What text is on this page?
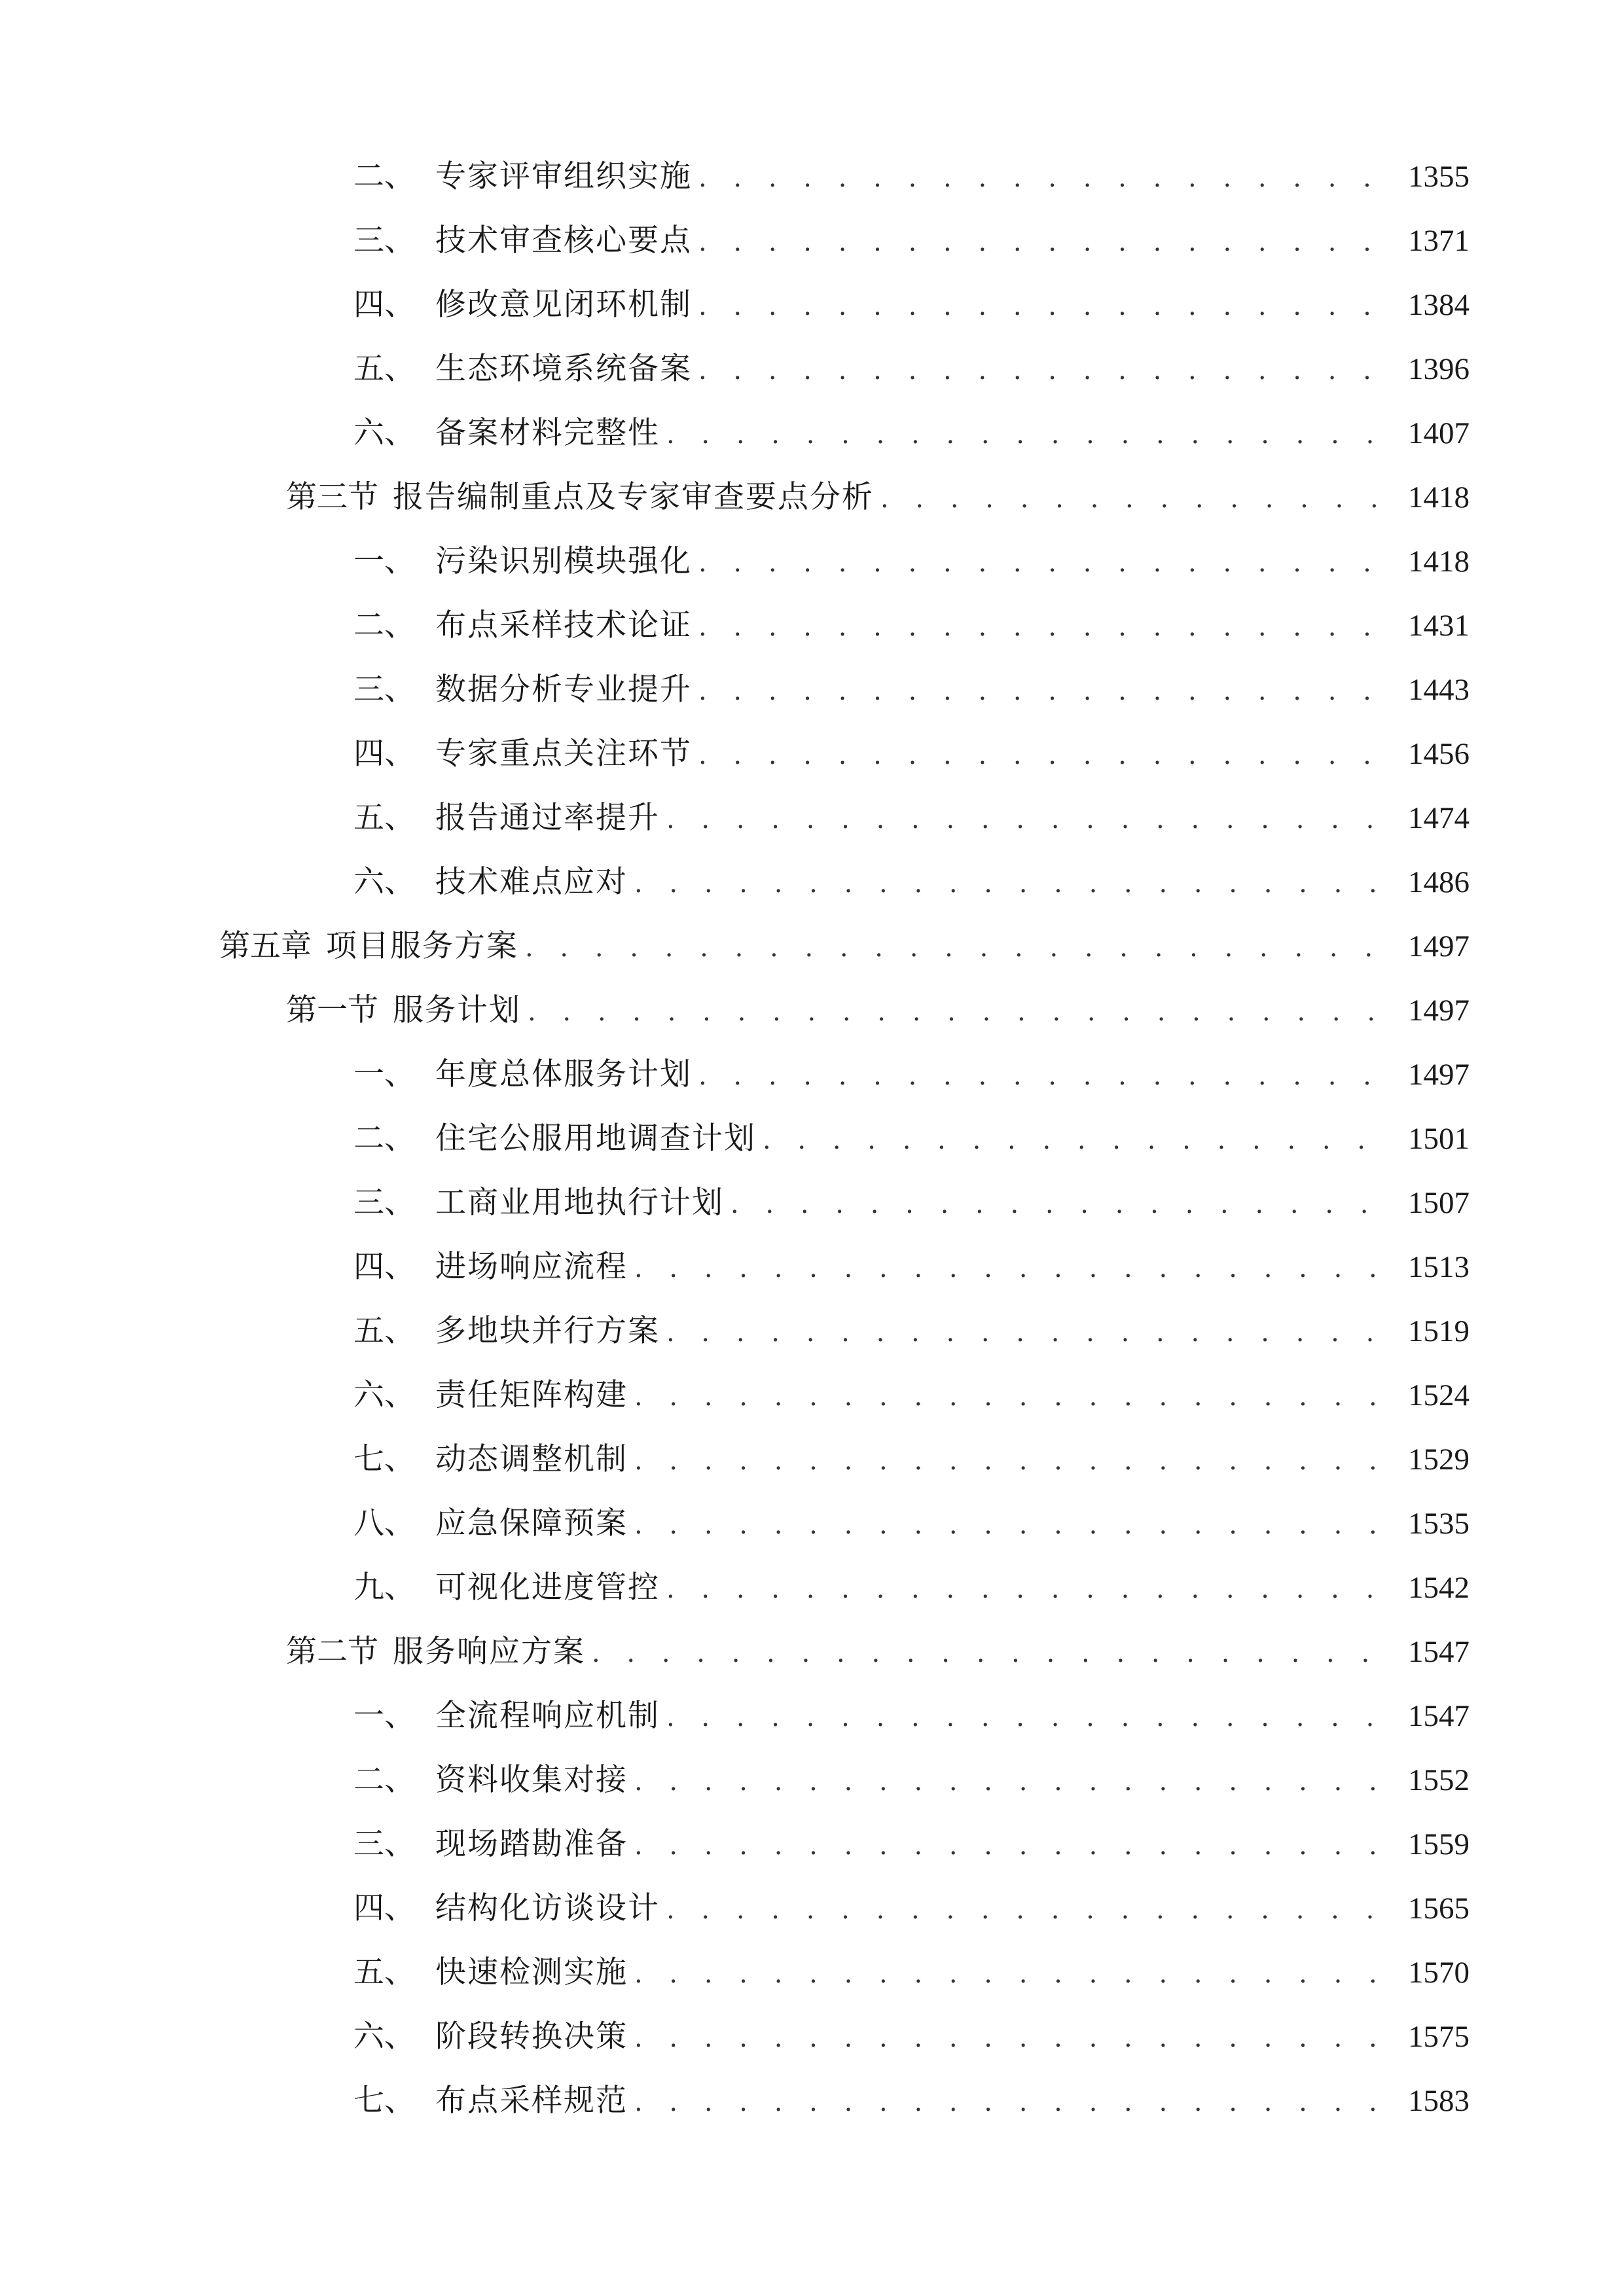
二、 专家评审组织实施 . . .	1355
三、 技术审查核心要点 . . .	1371
四、 修改意见闭环机制 . . .	1384
五、 生态环境系统备案 . . .	1396
六、 备案材料完整性 . . .	1407
第三节 报告编制重点及专家审查要点分析 . . .	1418
一、 污染识别模块强化 . . .	1418
二、 布点采样技术论证 . . .	1431
三、 数据分析专业提升 . . .	1443
四、 专家重点关注环节 . . .	1456
五、 报告通过率提升 . . .	1474
六、 技术难点应对 . . .	1486
第五章 项目服务方案 . . .	1497
第一节 服务计划 . . .	1497
一、 年度总体服务计划 . . .	1497
二、 住宅公服用地调查计划 . . .	1501
三、 工商业用地执行计划 . . .	1507
四、 进场响应流程 . . .	1513
五、 多地块并行方案 . . .	1519
六、 责任矩阵构建 . . .	1524
七、 动态调整机制 . . .	1529
八、 应急保障预案 . . .	1535
九、 可视化进度管控 . . .	1542
第二节 服务响应方案 . . .	1547
一、 全流程响应机制 . . .	1547
二、 资料收集对接 . . .	1552
三、 现场踏勘准备 . . .	1559
四、 结构化访谈设计 . . .	1565
五、 快速检测实施 . . .	1570
六、 阶段转换决策 . . .	1575
七、 布点采样规范 . . .	1583
